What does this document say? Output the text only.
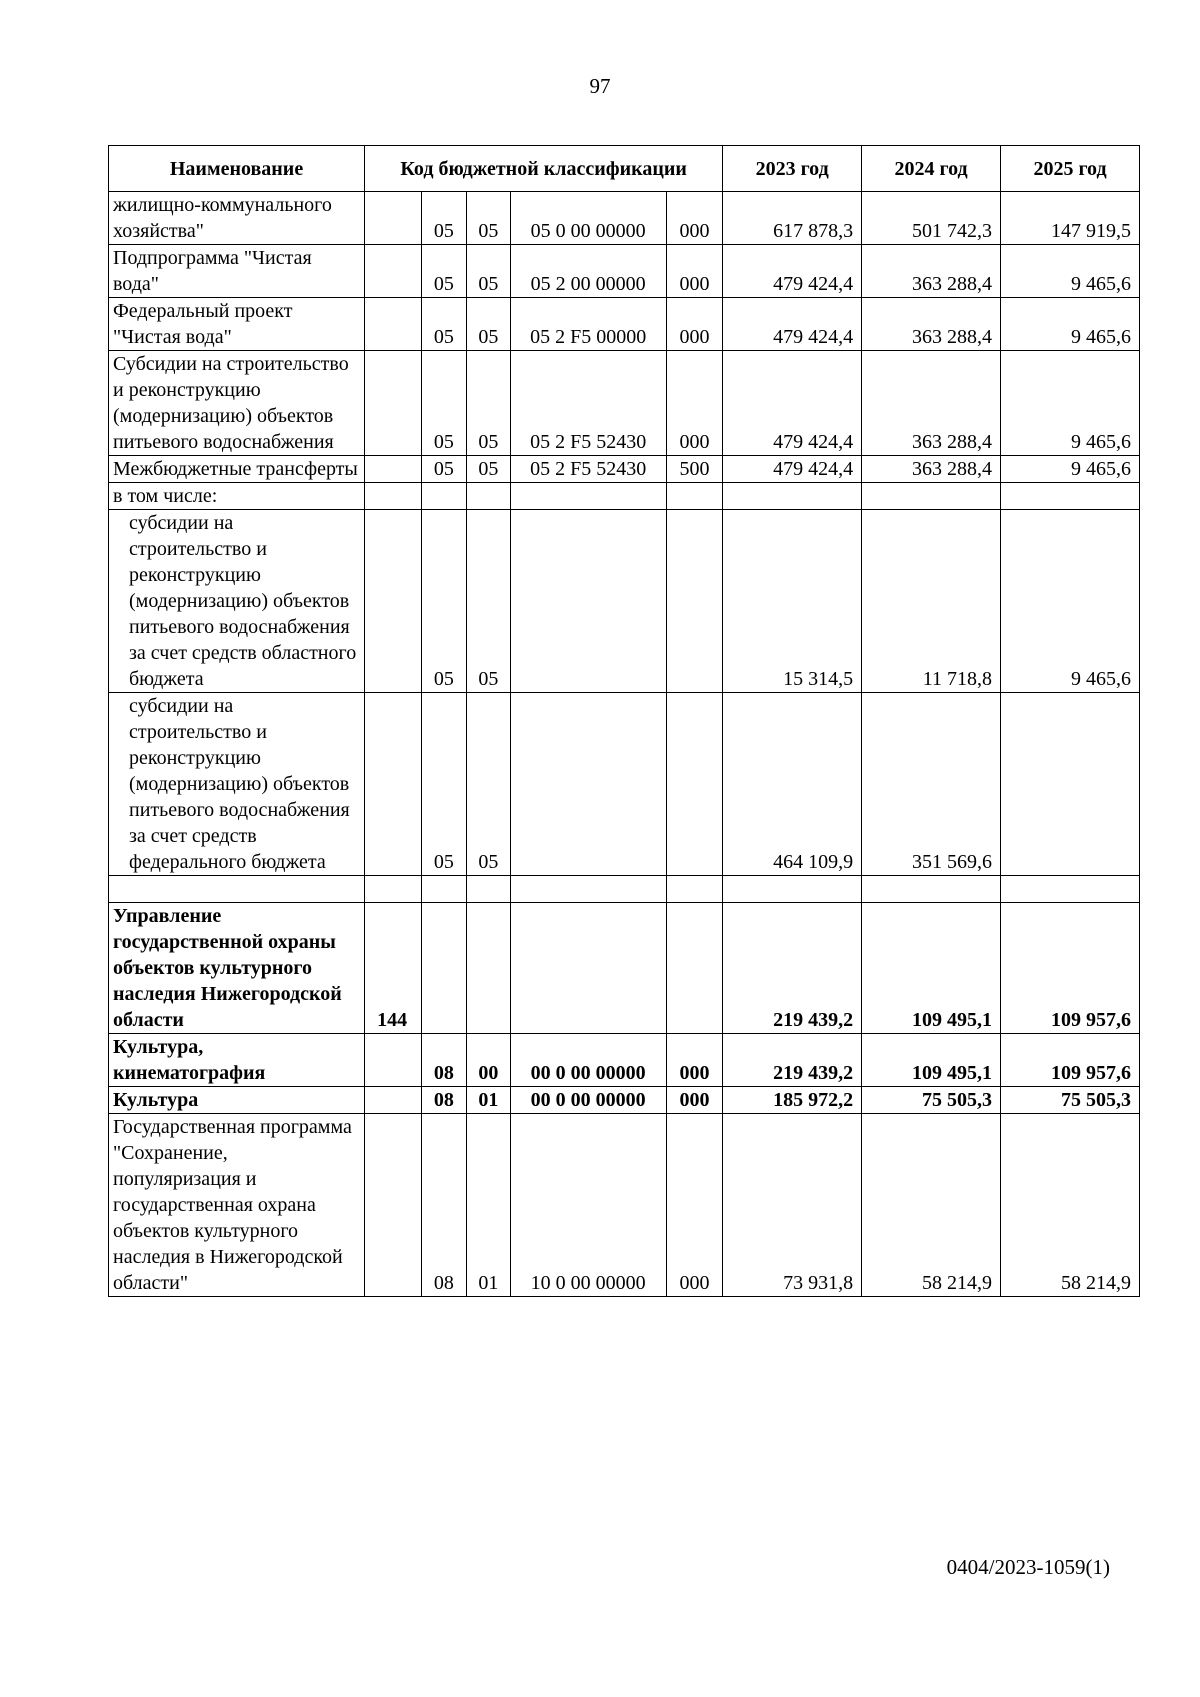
97
Наименование	Код бюджетной классификации					2023 год	2024 год	2025 год
жилищно-коммунального хозяйства"		05	05	05 0 00 00000	000	617 878,3	501 742,3	147 919,5
Подпрограмма "Чистая вода"		05	05	05 2 00 00000	000	479 424,4	363 288,4	9 465,6
Федеральный проект "Чистая вода"		05	05	05 2 F5 00000	000	479 424,4	363 288,4	9 465,6
Субсидии на строительство и реконструкцию (модернизацию) объектов питьевого водоснабжения		05	05	05 2 F5 52430	000	479 424,4	363 288,4	9 465,6
Межбюджетные трансферты		05	05	05 2 F5 52430	500	479 424,4	363 288,4	9 465,6
в том числе:								

субсидии на строительство и реконструкцию (модернизацию) объектов питьевого водоснабжения за счет средств областного бюджета		05	05			15 314,5	11 718,8	9 465,6

субсидии на строительство и реконструкцию (модернизацию) объектов питьевого водоснабжения за счет средств федерального бюджета		05	05			464 109,9	351 569,6	

Управление государственной охраны объектов культурного наследия Нижегородской области	144					219 439,2	109 495,1	109 957,6
Культура, кинематография		08	00	00 0 00 00000	000	219 439,2	109 495,1	109 957,6
Культура		08	01	00 0 00 00000	000	185 972,2	75 505,3	75 505,3
Государственная программа "Сохранение, популяризация и государственная охрана объектов культурного наследия в Нижегородской области"		08	01	10 0 00 00000	000	73 931,8	58 214,9	58 214,9
0404/2023-1059(1)
